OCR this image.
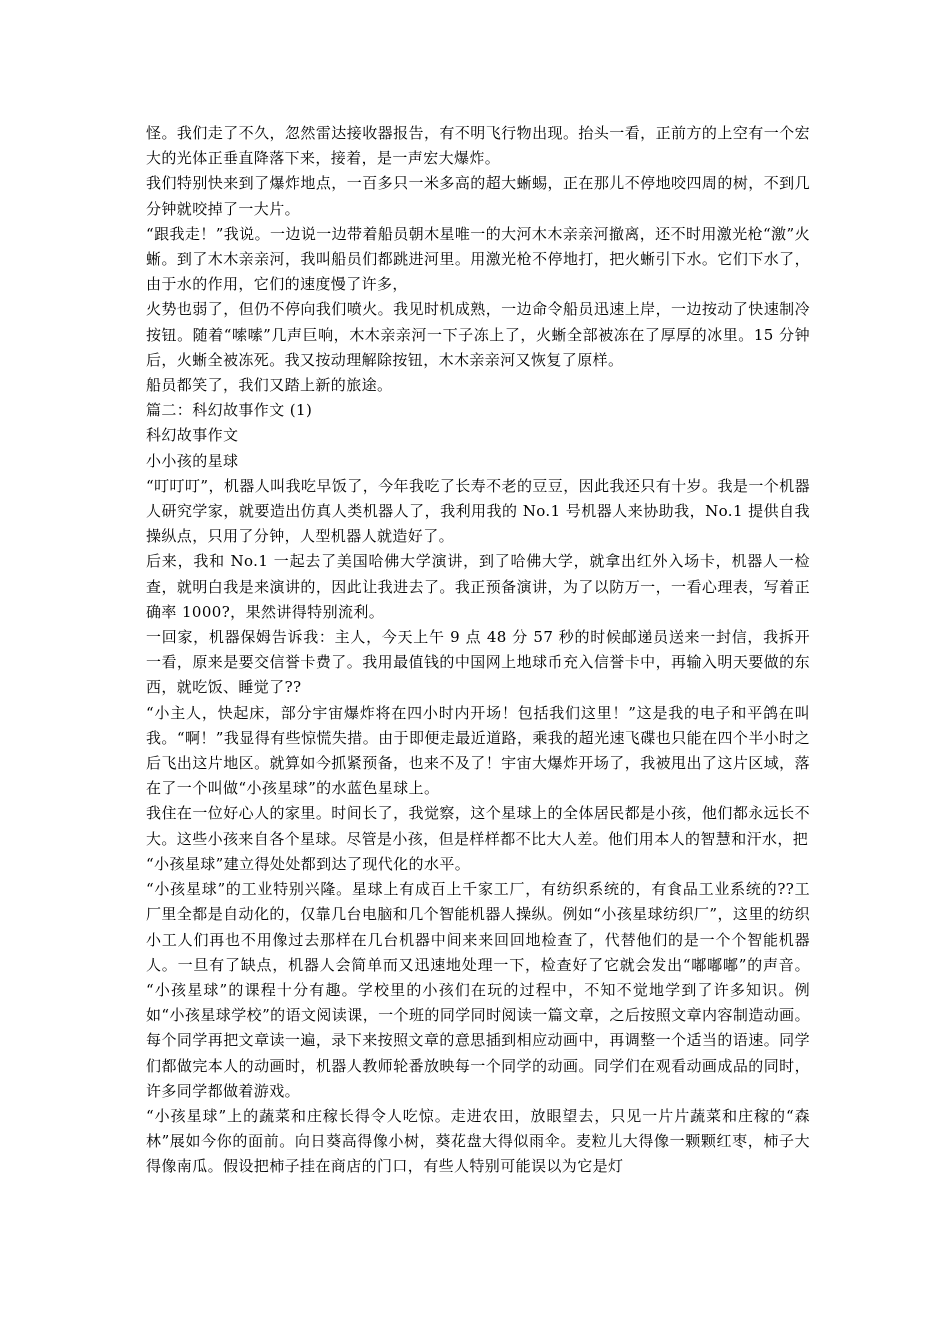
怪。我们走了不久，忽然雷达接收器报告，有不明飞行物出现。抬头一看，正前方的上空有一个宏大的光体正垂直降落下来，接着，是一声宏大爆炸。

我们特别快来到了爆炸地点，一百多只一米多高的超大蜥蜴，正在那儿不停地咬四周的树，不到几分钟就咬掉了一大片。

“跟我走！”我说。一边说一边带着船员朝木星唯一的大河木木亲亲河撤离，还不时用激光枪“激”火蜥。到了木木亲亲河，我叫船员们都跳进河里。用激光枪不停地打，把火蜥引下水。它们下水了，由于水的作用，它们的速度慢了许多，

火势也弱了，但仍不停向我们喷火。我见时机成熟，一边命令船员迅速上岸，一边按动了快速制冷按钮。随着“嗦嗦”几声巨响，木木亲亲河一下子冻上了，火蜥全部被冻在了厚厚的冰里。15 分钟后，火蜥全被冻死。我又按动理解除按钮，木木亲亲河又恢复了原样。

船员都笑了，我们又踏上新的旅途。

篇二：科幻故事作文 (1)

科幻故事作文

小小孩的星球

“叮叮叮”，机器人叫我吃早饭了，今年我吃了长寿不老的豆豆，因此我还只有十岁。我是一个机器人研究学家，就要造出仿真人类机器人了，我利用我的 No.1 号机器人来协助我，No.1 提供自我操纵点，只用了分钟，人型机器人就造好了。

后来，我和 No.1 一起去了美国哈佛大学演讲，到了哈佛大学，就拿出红外入场卡，机器人一检查，就明白我是来演讲的，因此让我进去了。我正预备演讲，为了以防万一，一看心理表，写着正确率 1000?，果然讲得特别流利。

一回家，机器保姆告诉我：主人，今天上午 9 点 48 分 57 秒的时候邮递员送来一封信，我拆开一看，原来是要交信誉卡费了。我用最值钱的中国网上地球币充入信誉卡中，再输入明天要做的东西，就吃饭、睡觉了??

“小主人，快起床，部分宇宙爆炸将在四小时内开场！包括我们这里！”这是我的电子和平鸽在叫我。“啊！”我显得有些惊慌失措。由于即便走最近道路，乘我的超光速飞碟也只能在四个半小时之后飞出这片地区。就算如今抓紧预备，也来不及了！宇宙大爆炸开场了，我被甩出了这片区域，落在了一个叫做“小孩星球”的水蓝色星球上。

我住在一位好心人的家里。时间长了，我觉察，这个星球上的全体居民都是小孩，他们都永远长不大。这些小孩来自各个星球。尽管是小孩，但是样样都不比大人差。他们用本人的智慧和汗水，把

“小孩星球”建立得处处都到达了现代化的水平。

“小孩星球”的工业特别兴隆。星球上有成百上千家工厂，有纺织系统的，有食品工业系统的??工厂里全都是自动化的，仅靠几台电脑和几个智能机器人操纵。例如“小孩星球纺织厂”，这里的纺织小工人们再也不用像过去那样在几台机器中间来来回回地检查了，代替他们的是一个个智能机器人。一旦有了缺点，机器人会简单而又迅速地处理一下，检查好了它就会发出“嘟嘟嘟”的声音。 “小孩星球”的课程十分有趣。学校里的小孩们在玩的过程中，不知不觉地学到了许多知识。例如“小孩星球学校”的语文阅读课，一个班的同学同时阅读一篇文章，之后按照文章内容制造动画。每个同学再把文章读一遍，录下来按照文章的意思插到相应动画中，再调整一个适当的语速。同学们都做完本人的动画时，机器人教师轮番放映每一个同学的动画。同学们在观看动画成品的同时，许多同学都做着游戏。

“小孩星球”上的蔬菜和庄稼长得令人吃惊。走进农田，放眼望去，只见一片片蔬菜和庄稼的“森林”展如今你的面前。向日葵高得像小树，葵花盘大得似雨伞。麦粒儿大得像一颗颗红枣，柿子大得像南瓜。假设把柿子挂在商店的门口，有些人特别可能误以为它是灯
